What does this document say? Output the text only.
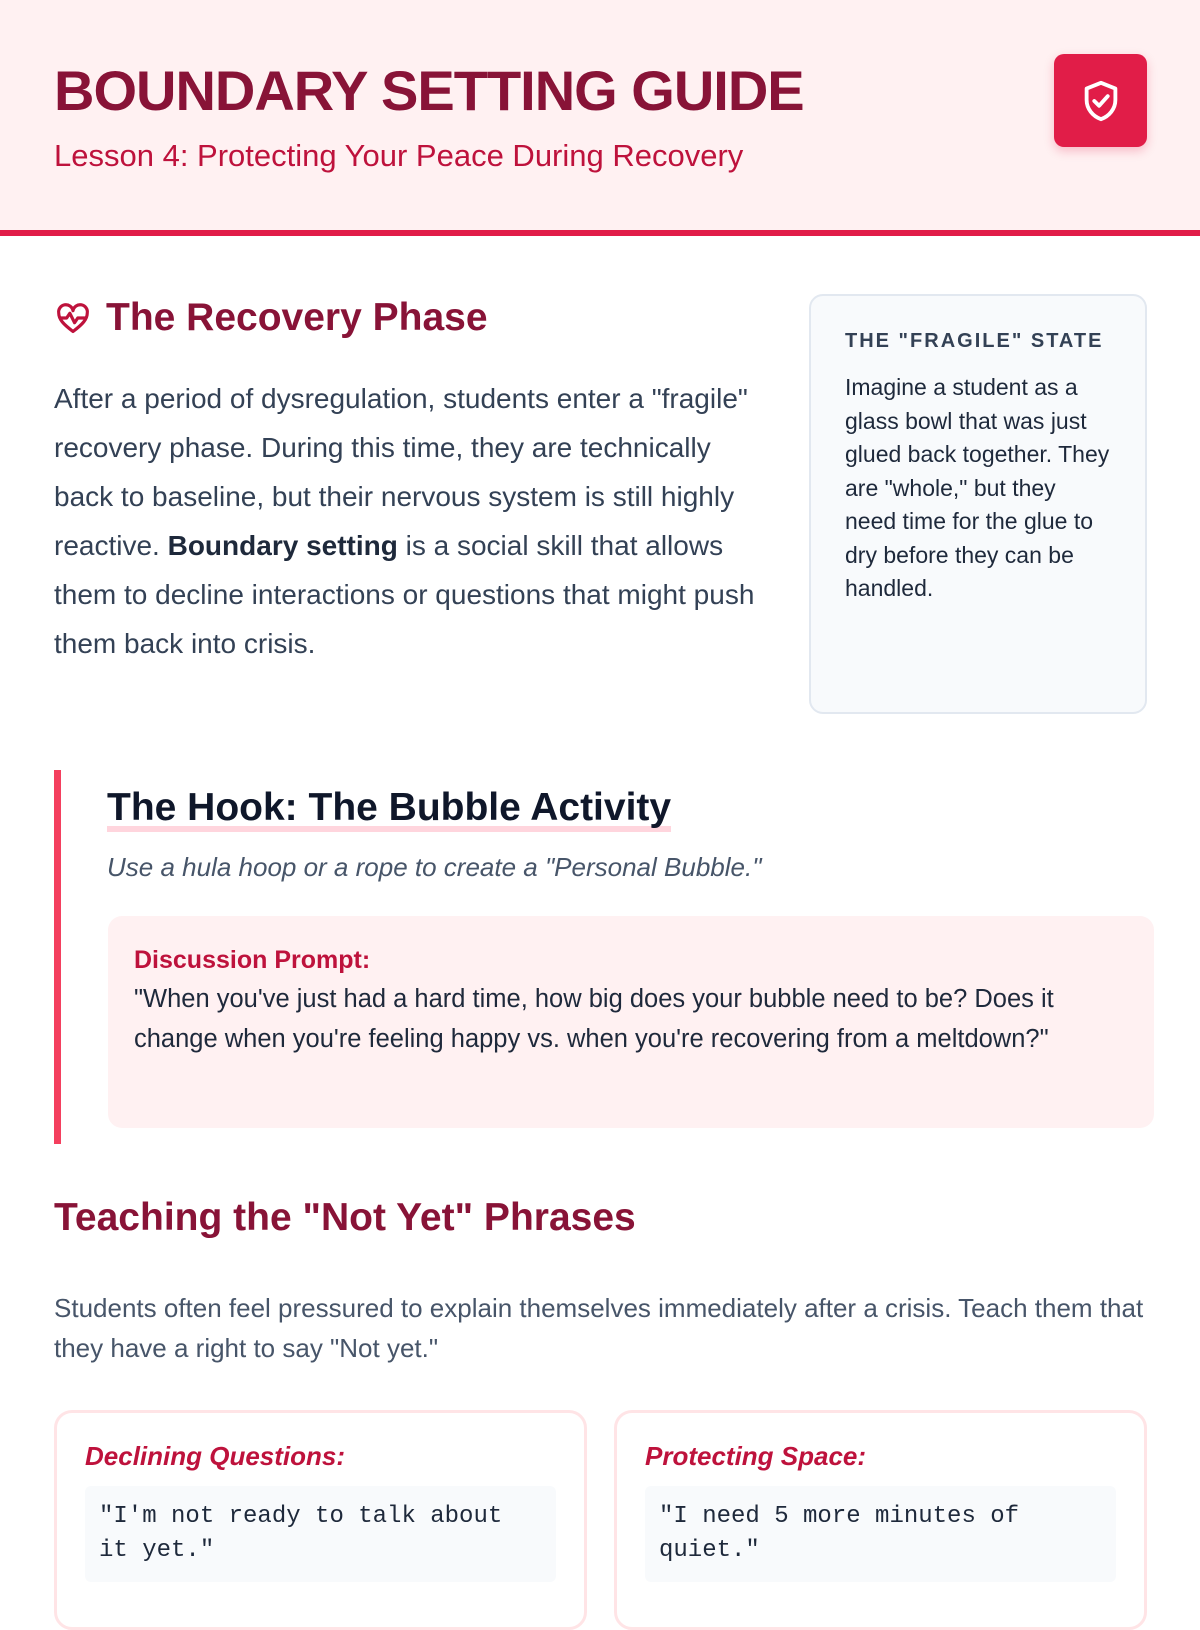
BOUNDARY SETTING GUIDE
Lesson 4: Protecting Your Peace During Recovery
The Recovery Phase

After a period of dysregulation, students enter a "fragile" recovery phase. During this time, they are technically back to baseline, but their nervous system is still highly reactive. Boundary setting is a social skill that allows them to decline interactions or questions that might push them back into crisis.

THE "FRAGILE" STATE
Imagine a student as a glass bowl that was just glued back together. They are "whole," but they need time for the glue to dry before they can be handled.
The Hook: The Bubble Activity
Use a hula hoop or a rope to create a "Personal Bubble."
Discussion Prompt:
"When you've just had a hard time, how big does your bubble need to be? Does it change when you're feeling happy vs. when you're recovering from a meltdown?"
Teaching the "Not Yet" Phrases

Students often feel pressured to explain themselves immediately after a crisis. Teach them that they have a right to say "Not yet."

Declining Questions:
"I'm not ready to talk about it yet."
Protecting Space:
"I need 5 more minutes of quiet."
